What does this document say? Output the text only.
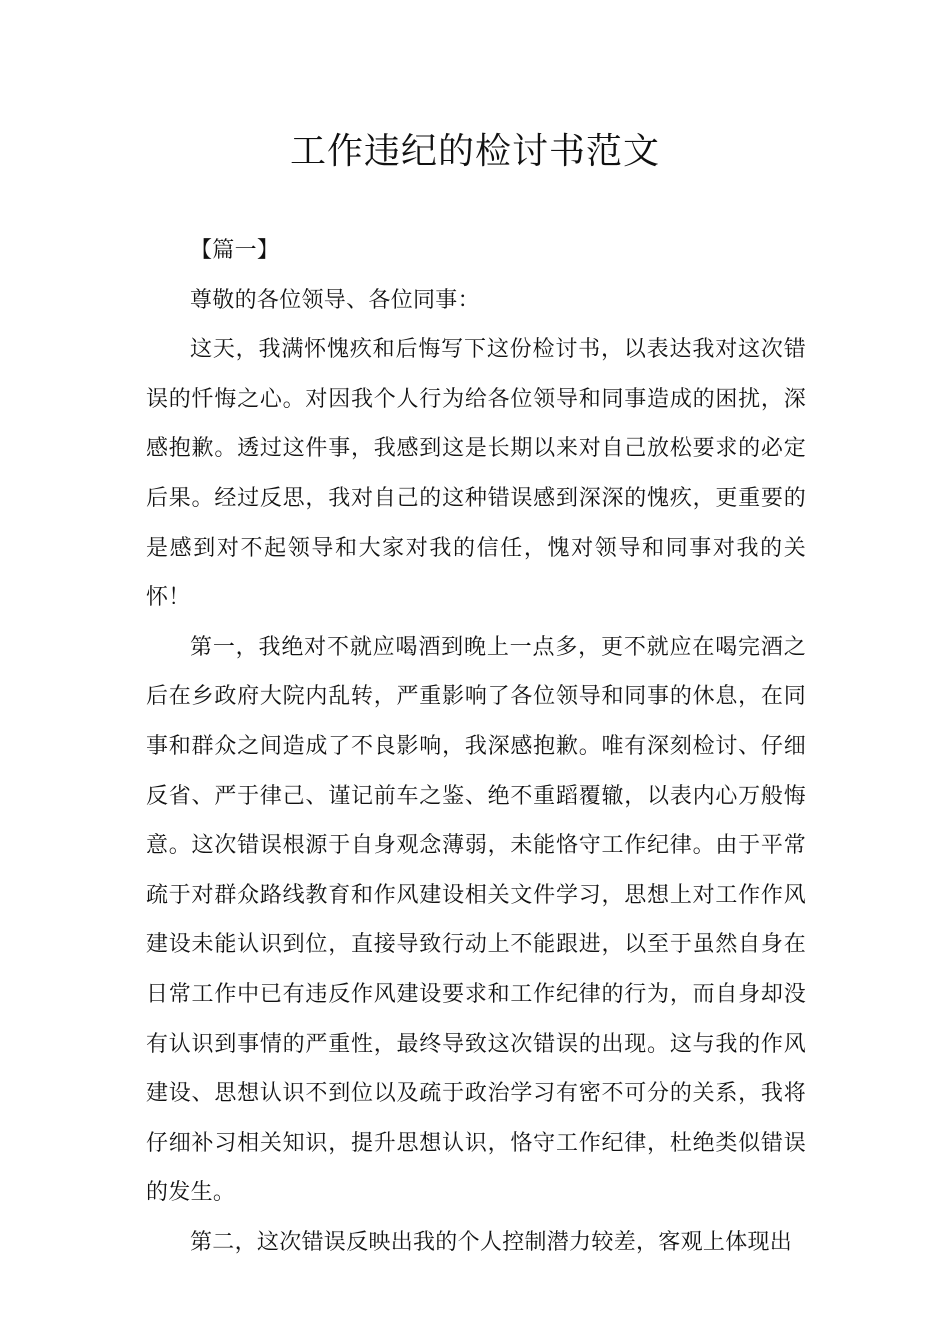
工作违纪的检讨书范文

【篇一】

尊敬的各位领导、各位同事：

这天，我满怀愧疚和后悔写下这份检讨书，以表达我对这次错误的忏悔之心。对因我个人行为给各位领导和同事造成的困扰，深感抱歉。透过这件事，我感到这是长期以来对自己放松要求的必定后果。经过反思，我对自己的这种错误感到深深的愧疚，更重要的是感到对不起领导和大家对我的信任，愧对领导和同事对我的关怀！

第一，我绝对不就应喝酒到晚上一点多，更不就应在喝完酒之后在乡政府大院内乱转，严重影响了各位领导和同事的休息，在同事和群众之间造成了不良影响，我深感抱歉。唯有深刻检讨、仔细反省、严于律己、谨记前车之鉴、绝不重蹈覆辙，以表内心万般悔意。这次错误根源于自身观念薄弱，未能恪守工作纪律。由于平常疏于对群众路线教育和作风建设相关文件学习，思想上对工作作风建设未能认识到位，直接导致行动上不能跟进，以至于虽然自身在日常工作中已有违反作风建设要求和工作纪律的行为，而自身却没有认识到事情的严重性，最终导致这次错误的出现。这与我的作风建设、思想认识不到位以及疏于政治学习有密不可分的关系，我将仔细补习相关知识，提升思想认识，恪守工作纪律，杜绝类似错误的发生。

第二，这次错误反映出我的个人控制潜力较差，客观上体现出
